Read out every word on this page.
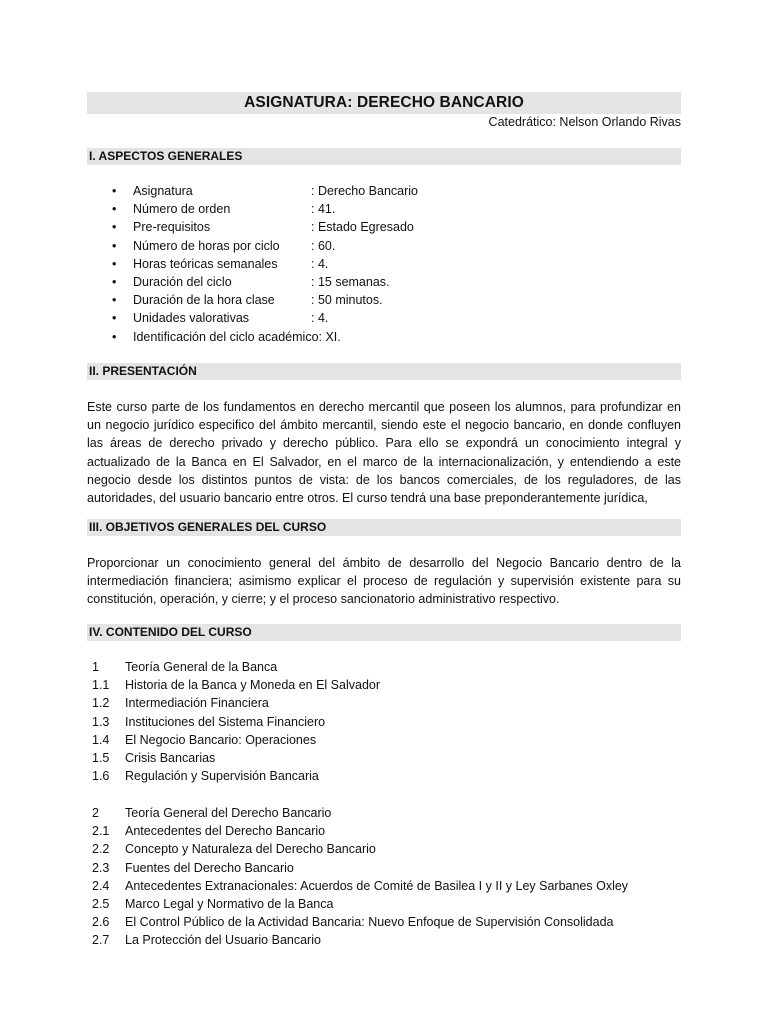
ASIGNATURA: DERECHO BANCARIO
Catedrático: Nelson Orlando Rivas
I. ASPECTOS GENERALES
• Asignatura	: Derecho Bancario
• Número de orden	: 41.
• Pre-requisitos	: Estado Egresado
• Número de horas por ciclo	: 60.
• Horas teóricas semanales	: 4.
• Duración del ciclo	: 15 semanas.
• Duración de la hora clase	: 50 minutos.
• Unidades valorativas	: 4.
• Identificación del ciclo académico: XI.
II. PRESENTACIÓN

Este curso parte de los fundamentos en derecho mercantil que poseen los alumnos, para profundizar en un negocio jurídico especifico del ámbito mercantil, siendo este el negocio bancario, en donde confluyen las áreas de derecho privado y derecho público. Para ello se expondrá un conocimiento integral y actualizado de la Banca en El Salvador, en el marco de la internacionalización, y entendiendo a este negocio desde los distintos puntos de vista: de los bancos comerciales, de los reguladores, de las autoridades, del usuario bancario entre otros. El curso tendrá una base preponderantemente jurídica,

III. OBJETIVOS GENERALES DEL CURSO

Proporcionar un conocimiento general del ámbito de desarrollo del Negocio Bancario dentro de la intermediación financiera; asimismo explicar el proceso de regulación y supervisión existente para su constitución, operación, y cierre; y el proceso sancionatorio administrativo respectivo.

IV. CONTENIDO DEL CURSO
1 Teoría General de la Banca
1.1 Historia de la Banca y Moneda en El Salvador
1.2 Intermediación Financiera
1.3 Instituciones del Sistema Financiero
1.4 El Negocio Bancario: Operaciones
1.5 Crisis Bancarias
1.6 Regulación y Supervisión Bancaria
2 Teoría General del Derecho Bancario
2.1 Antecedentes del Derecho Bancario
2.2 Concepto y Naturaleza del Derecho Bancario
2.3 Fuentes del Derecho Bancario
2.4 Antecedentes Extranacionales: Acuerdos de Comité de Basilea I y II y Ley Sarbanes Oxley
2.5 Marco Legal y Normativo de la Banca
2.6 El Control Público de la Actividad Bancaria: Nuevo Enfoque de Supervisión Consolidada
2.7 La Protección del Usuario Bancario
